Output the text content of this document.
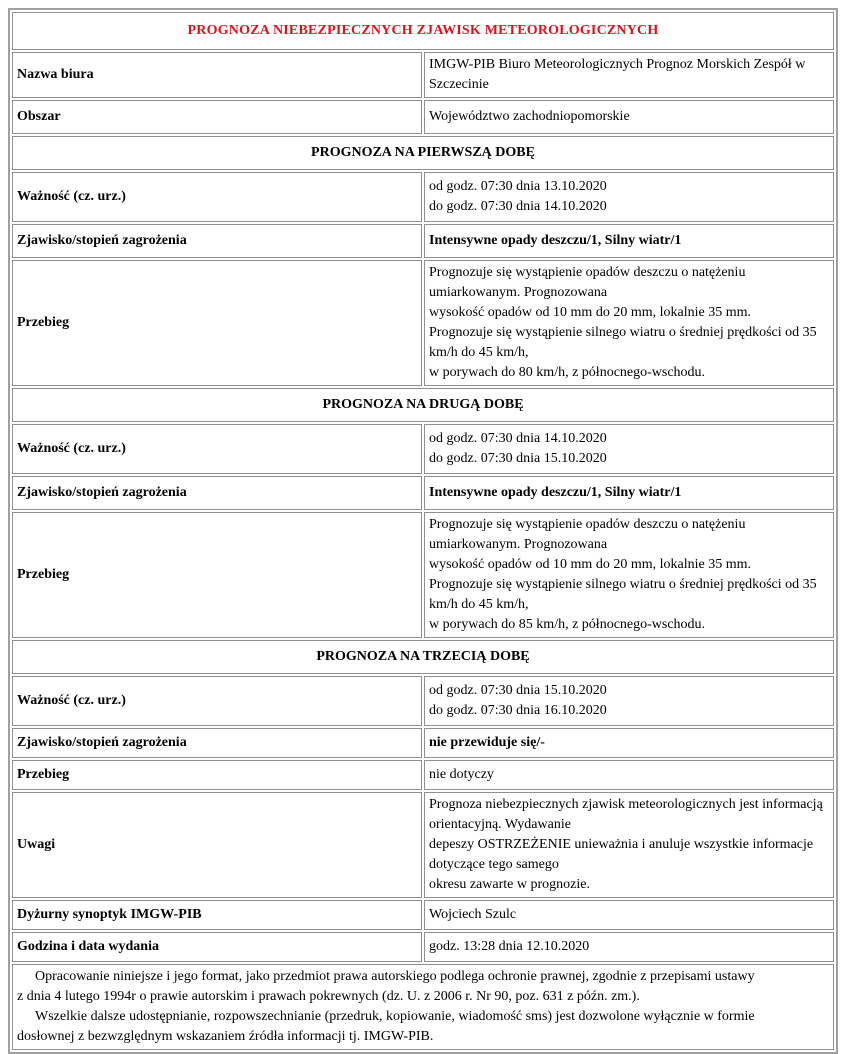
PROGNOZA NIEBEZPIECZNYCH ZJAWISK METEOROLOGICZNYCH	
Nazwa biura	IMGW-PIB Biuro Meteorologicznych Prognoz Morskich Zespół w Szczecinie
Obszar	Województwo zachodniopomorskie
PROGNOZA NA PIERWSZĄ DOBĘ	
Ważność (cz. urz.)	od godz. 07:30 dnia 13.10.2020
do godz. 07:30 dnia 14.10.2020

Zjawisko/stopień zagrożenia	Intensywne opady deszczu/1, Silny wiatr/1
Przebieg	Prognozuje się wystąpienie opadów deszczu o natężeniu umiarkowanym. Prognozowana
wysokość opadów od 10 mm do 20 mm, lokalnie 35 mm.
Prognozuje się wystąpienie silnego wiatru o średniej prędkości od 35 km/h do 45 km/h,
w porywach do 80 km/h, z północnego-wschodu.

PROGNOZA NA DRUGĄ DOBĘ	
Ważność (cz. urz.)	od godz. 07:30 dnia 14.10.2020
do godz. 07:30 dnia 15.10.2020

Zjawisko/stopień zagrożenia	Intensywne opady deszczu/1, Silny wiatr/1
Przebieg	Prognozuje się wystąpienie opadów deszczu o natężeniu umiarkowanym. Prognozowana
wysokość opadów od 10 mm do 20 mm, lokalnie 35 mm.
Prognozuje się wystąpienie silnego wiatru o średniej prędkości od 35 km/h do 45 km/h,
w porywach do 85 km/h, z północnego-wschodu.

PROGNOZA NA TRZECIĄ DOBĘ	
Ważność (cz. urz.)	od godz. 07:30 dnia 15.10.2020
do godz. 07:30 dnia 16.10.2020

Zjawisko/stopień zagrożenia	nie przewiduje się/-
Przebieg	nie dotyczy
Uwagi	Prognoza niebezpiecznych zjawisk meteorologicznych jest informacją orientacyjną. Wydawanie
depeszy OSTRZEŻENIE unieważnia i anuluje wszystkie informacje dotyczące tego samego
okresu zawarte w prognozie.

Dyżurny synoptyk IMGW-PIB	Wojciech Szulc
Godzina i data wydania	godz. 13:28 dnia 12.10.2020

Opracowanie niniejsze i jego format, jako przedmiot prawa autorskiego podlega ochronie prawnej, zgodnie z przepisami ustawy
z dnia 4 lutego 1994r o prawie autorskim i prawach pokrewnych (dz. U. z 2006 r. Nr 90, poz. 631 z późn. zm.).
Wszelkie dalsze udostępnianie, rozpowszechnianie (przedruk, kopiowanie, wiadomość sms) jest dozwolone wyłącznie w formie
dosłownej z bezwzględnym wskazaniem źródła informacji tj. IMGW-PIB.	
